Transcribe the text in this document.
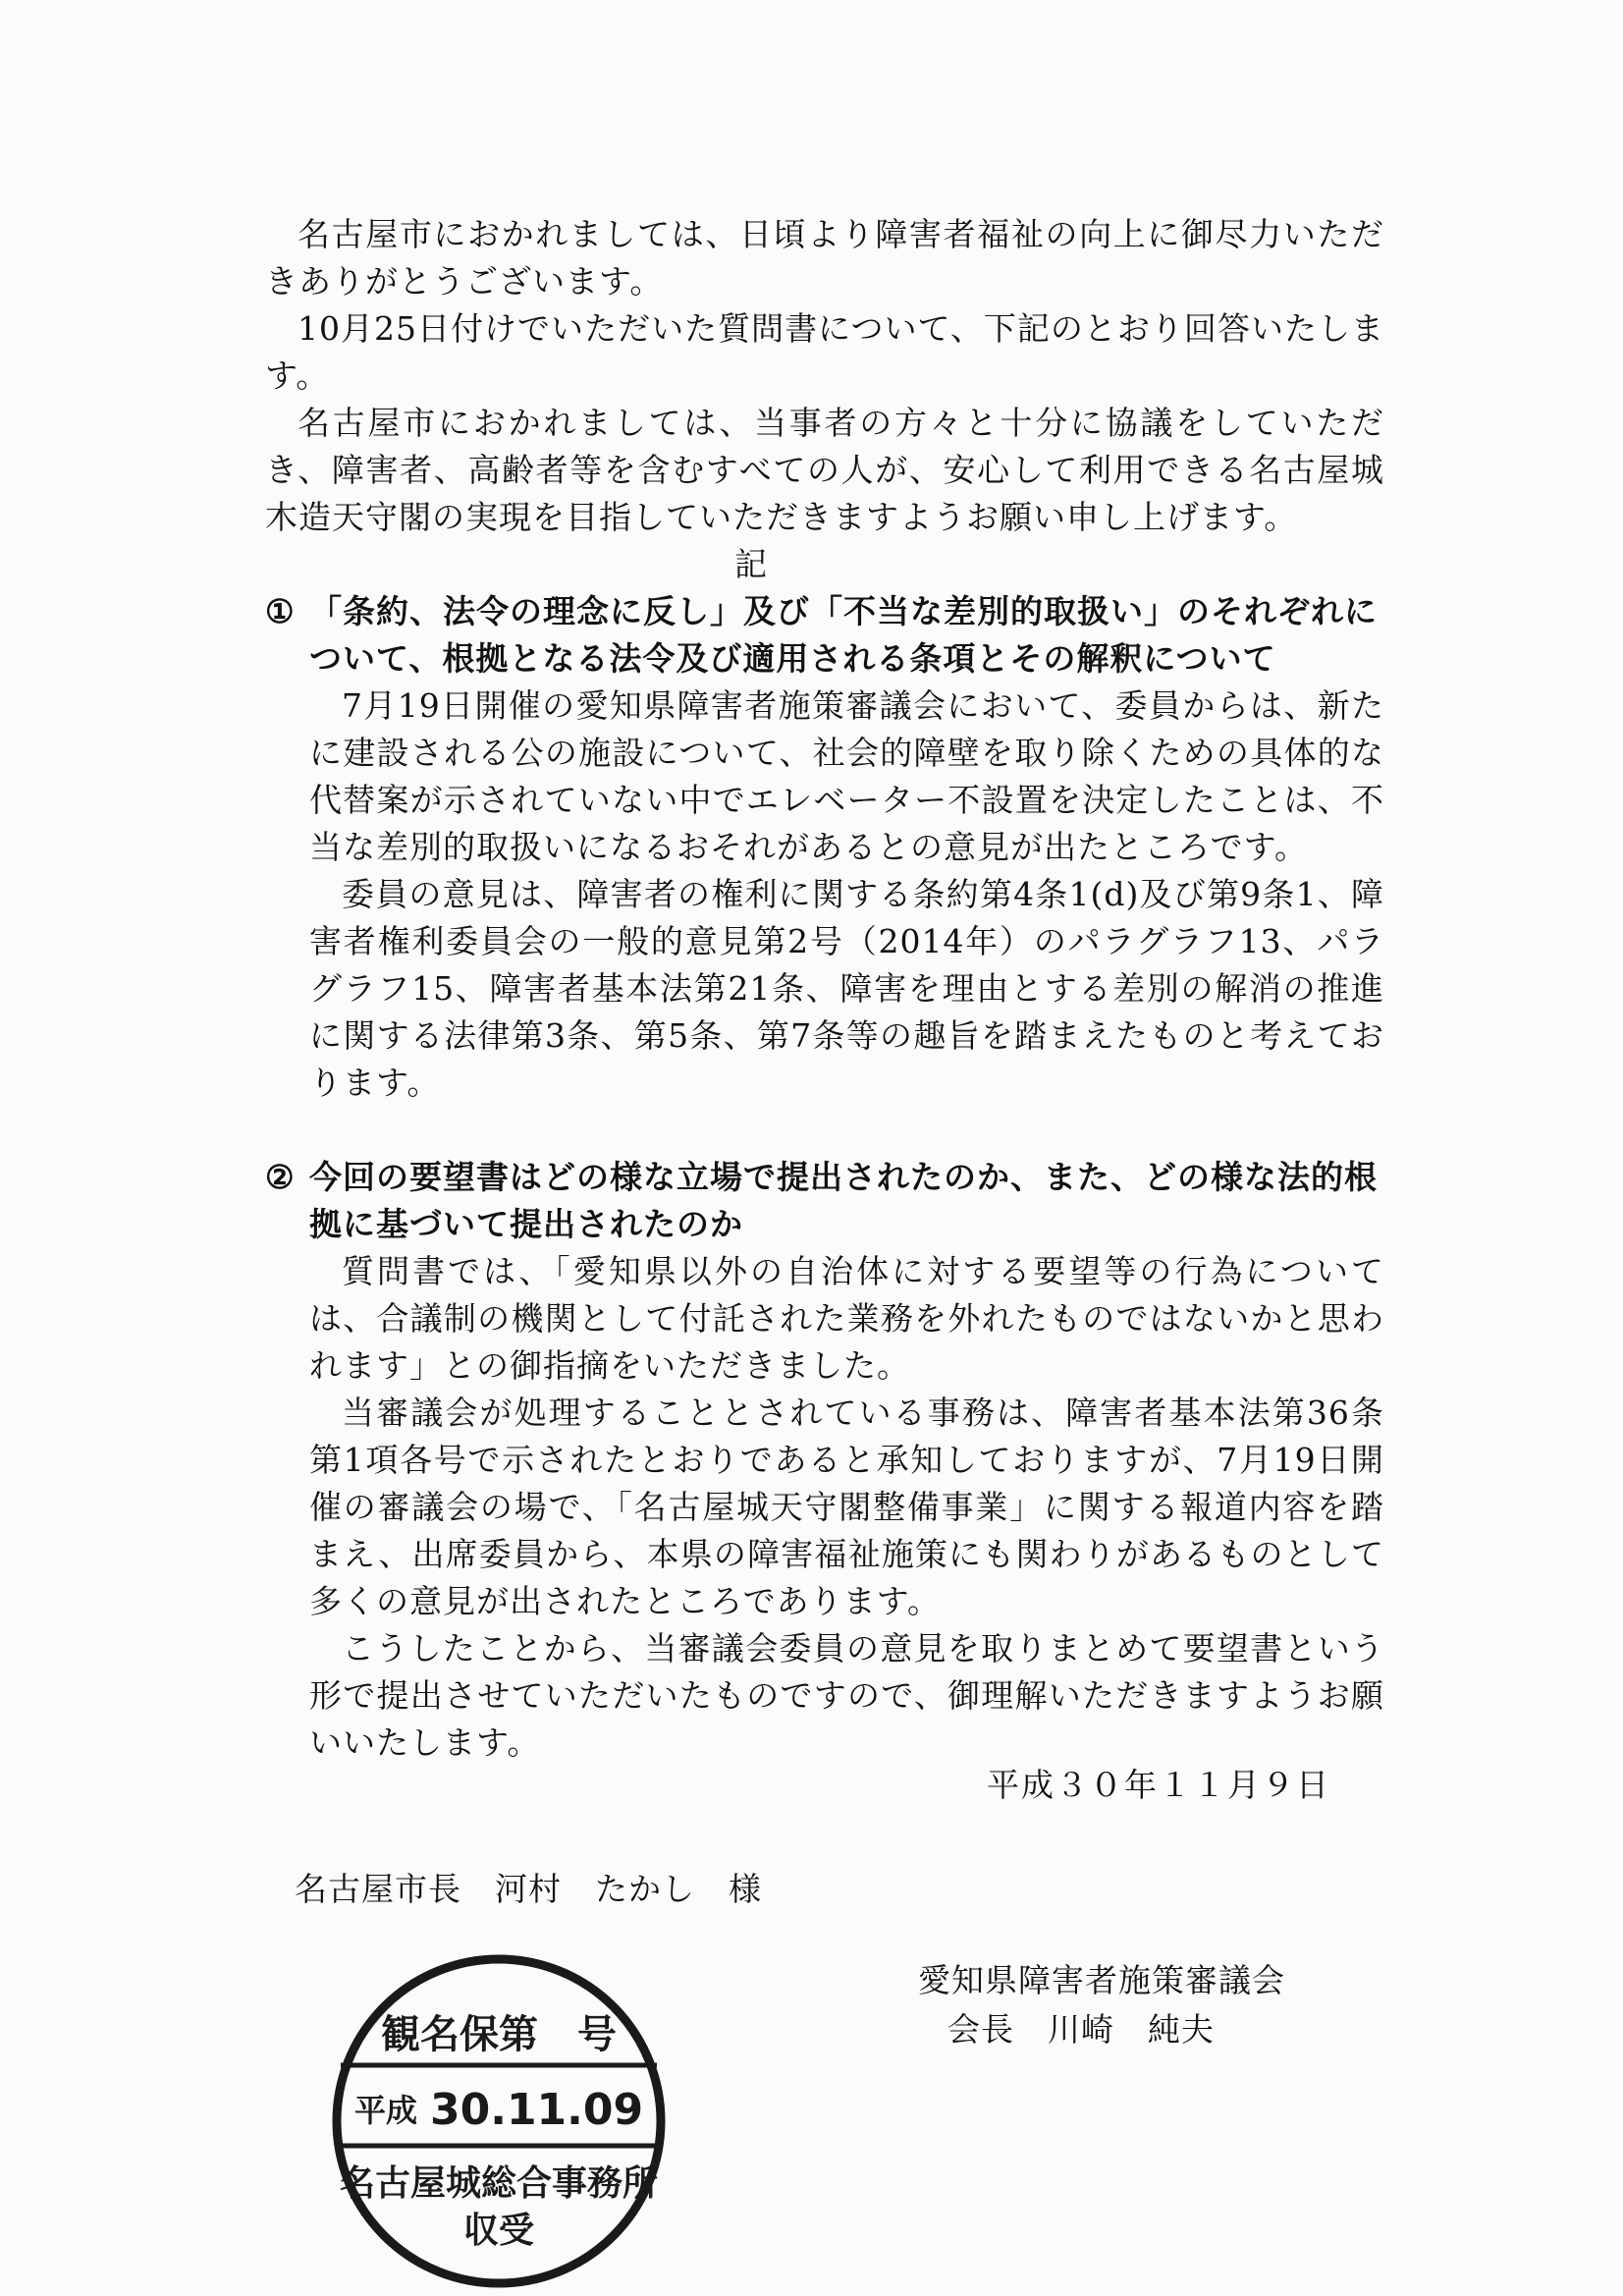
名古屋市におかれましては、日頃より障害者福祉の向上に御尽力いただきありがとうございます。

10月25日付けでいただいた質問書について、下記のとおり回答いたします。

名古屋市におかれましては、当事者の方々と十分に協議をしていただき、障害者、高齢者等を含むすべての人が、安心して利用できる名古屋城木造天守閣の実現を目指していただきますようお願い申し上げます。

記

① 「条約、法令の理念に反し」及び「不当な差別的取扱い」のそれぞれについて、根拠となる法令及び適用される条項とその解釈について

7月19日開催の愛知県障害者施策審議会において、委員からは、新たに建設される公の施設について、社会的障壁を取り除くための具体的な代替案が示されていない中でエレベーター不設置を決定したことは、不当な差別的取扱いになるおそれがあるとの意見が出たところです。

委員の意見は、障害者の権利に関する条約第4条1(d)及び第9条1、障害者権利委員会の一般的意見第2号（2014年）のパラグラフ13、パラグラフ15、障害者基本法第21条、障害を理由とする差別の解消の推進に関する法律第3条、第5条、第7条等の趣旨を踏まえたものと考えております。

② 今回の要望書はどの様な立場で提出されたのか、また、どの様な法的根拠に基づいて提出されたのか

質問書では、「愛知県以外の自治体に対する要望等の行為については、合議制の機関として付託された業務を外れたものではないかと思われます」との御指摘をいただきました。

当審議会が処理することとされている事務は、障害者基本法第36条第1項各号で示されたとおりであると承知しておりますが、7月19日開催の審議会の場で、「名古屋城天守閣整備事業」に関する報道内容を踏まえ、出席委員から、本県の障害福祉施策にも関わりがあるものとして多くの意見が出されたところであります。

こうしたことから、当審議会委員の意見を取りまとめて要望書という形で提出させていただいたものですので、御理解いただきますようお願いいたします。

平成３０年１１月９日
名古屋市長　河村　たかし　様
愛知県障害者施策審議会
会長　川崎　純夫
観名保第　号
平成 30.11.09
名古屋城総合事務所
収受
